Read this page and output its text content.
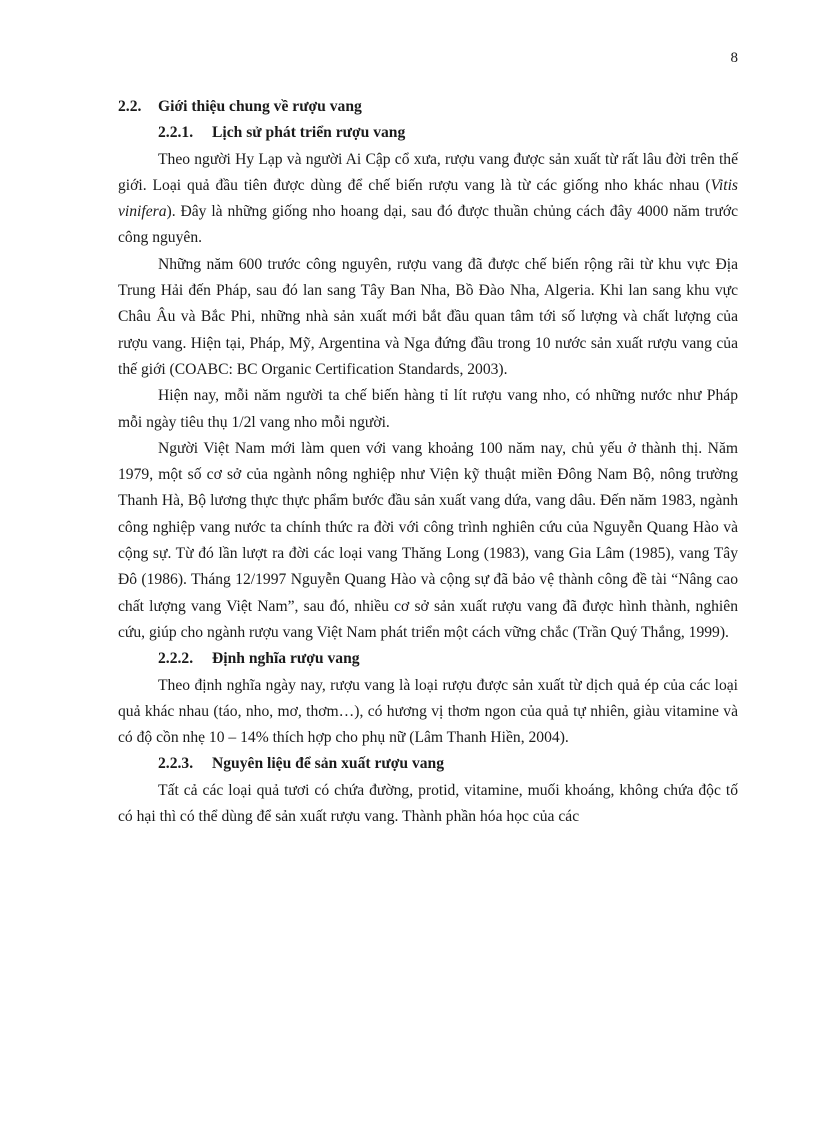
8

2.2. Giới thiệu chung về rượu vang

2.2.1. Lịch sử phát triển rượu vang

Theo người Hy Lạp và người Ai Cập cổ xưa, rượu vang được sản xuất từ rất lâu đời trên thế giới. Loại quả đầu tiên được dùng để chế biến rượu vang là từ các giống nho khác nhau (Vitis vinifera). Đây là những giống nho hoang dại, sau đó được thuần chủng cách đây 4000 năm trước công nguyên.

Những năm 600 trước công nguyên, rượu vang đã được chế biến rộng rãi từ khu vực Địa Trung Hải đến Pháp, sau đó lan sang Tây Ban Nha, Bồ Đào Nha, Algeria. Khi lan sang khu vực Châu Âu và Bắc Phi, những nhà sản xuất mới bắt đầu quan tâm tới số lượng và chất lượng của rượu vang. Hiện tại, Pháp, Mỹ, Argentina và Nga đứng đầu trong 10 nước sản xuất rượu vang của thế giới (COABC: BC Organic Certification Standards, 2003).

Hiện nay, mỗi năm người ta chế biến hàng tỉ lít rượu vang nho, có những nước như Pháp mỗi ngày tiêu thụ 1/2l vang nho mỗi người.

Người Việt Nam mới làm quen với vang khoảng 100 năm nay, chủ yếu ở thành thị. Năm 1979, một số cơ sở của ngành nông nghiệp như Viện kỹ thuật miền Đông Nam Bộ, nông trường Thanh Hà, Bộ lương thực thực phẩm bước đầu sản xuất vang dứa, vang dâu. Đến năm 1983, ngành công nghiệp vang nước ta chính thức ra đời với công trình nghiên cứu của Nguyễn Quang Hào và cộng sự. Từ đó lần lượt ra đời các loại vang Thăng Long (1983), vang Gia Lâm (1985), vang Tây Đô (1986). Tháng 12/1997 Nguyễn Quang Hào và cộng sự đã bảo vệ thành công đề tài “Nâng cao chất lượng vang Việt Nam”, sau đó, nhiều cơ sở sản xuất rượu vang đã được hình thành, nghiên cứu, giúp cho ngành rượu vang Việt Nam phát triển một cách vững chắc (Trần Quý Thắng, 1999).

2.2.2. Định nghĩa rượu vang

Theo định nghĩa ngày nay, rượu vang là loại rượu được sản xuất từ dịch quả ép của các loại quả khác nhau (táo, nho, mơ, thơm…), có hương vị thơm ngon của quả tự nhiên, giàu vitamine và có độ cồn nhẹ 10 – 14% thích hợp cho phụ nữ (Lâm Thanh Hiền, 2004).

2.2.3. Nguyên liệu để sản xuất rượu vang

Tất cả các loại quả tươi có chứa đường, protid, vitamine, muối khoáng, không chứa độc tố có hại thì có thể dùng để sản xuất rượu vang. Thành phần hóa học của các
